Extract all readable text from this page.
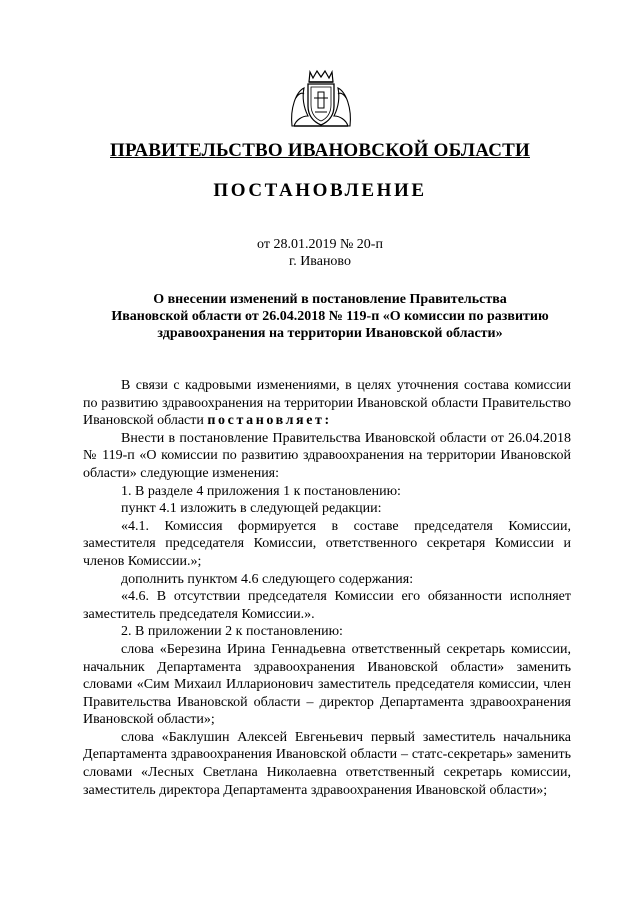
ПРАВИТЕЛЬСТВО ИВАНОВСКОЙ ОБЛАСТИ
ПОСТАНОВЛЕНИЕ
от 28.01.2019 № 20-п
г. Иваново
О внесении изменений в постановление Правительства
Ивановской области от 26.04.2018 № 119-п «О комиссии по развитию
здравоохранения на территории Ивановской области»

В связи с кадровыми изменениями, в целях уточнения состава комиссии по развитию здравоохранения на территории Ивановской области Правительство Ивановской области постановляет:

Внести в постановление Правительства Ивановской области от 26.04.2018 № 119-п «О комиссии по развитию здравоохранения на территории Ивановской области» следующие изменения:

1. В разделе 4 приложения 1 к постановлению:

пункт 4.1 изложить в следующей редакции:

«4.1. Комиссия формируется в составе председателя Комиссии, заместителя председателя Комиссии, ответственного секретаря Комиссии и членов Комиссии.»;

дополнить пунктом 4.6 следующего содержания:

«4.6. В отсутствии председателя Комиссии его обязанности исполняет заместитель председателя Комиссии.».

2. В приложении 2 к постановлению:

слова «Березина Ирина Геннадьевна ответственный секретарь комиссии, начальник Департамента здравоохранения Ивановской области» заменить словами «Сим Михаил Илларионович заместитель председателя комиссии, член Правительства Ивановской области – директор Департамента здравоохранения Ивановской области»;

слова «Баклушин Алексей Евгеньевич первый заместитель начальника Департамента здравоохранения Ивановской области – статс-секретарь» заменить словами «Лесных Светлана Николаевна ответственный секретарь комиссии, заместитель директора Департамента здравоохранения Ивановской области»;
